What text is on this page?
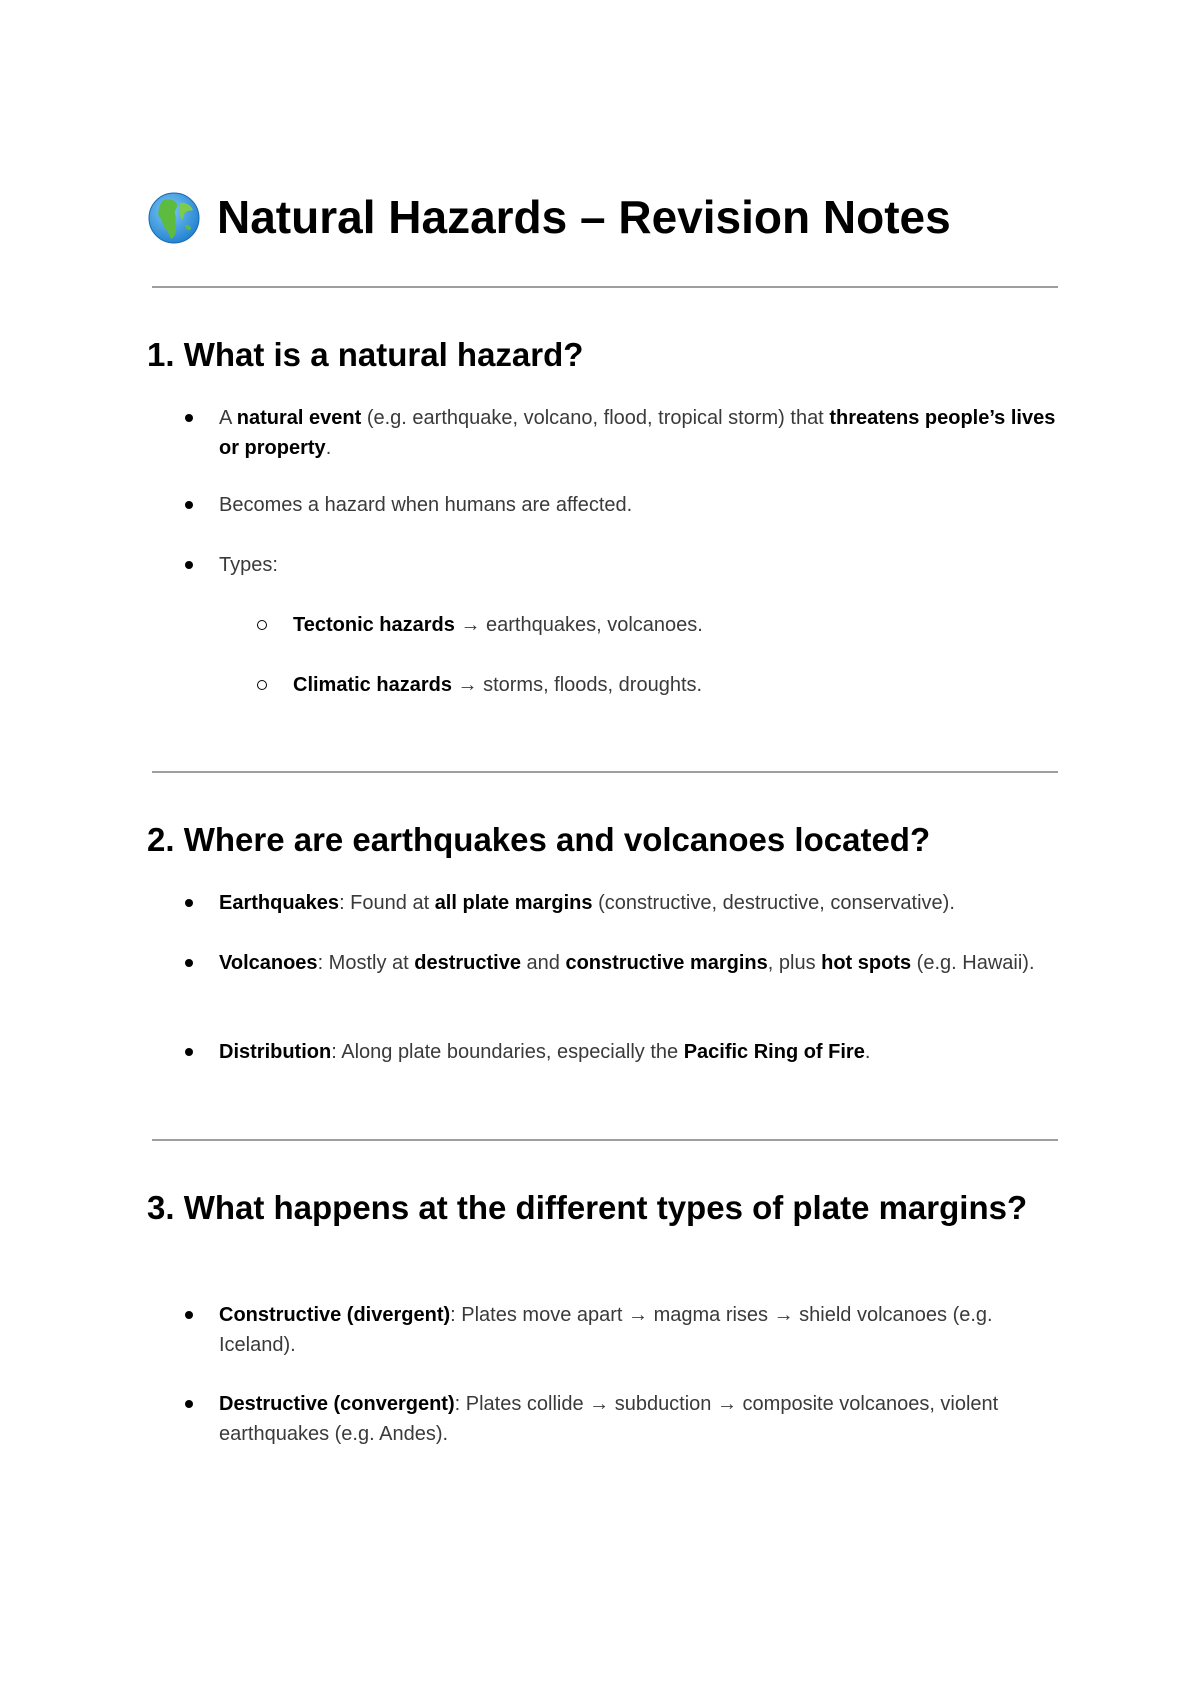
Natural Hazards – Revision Notes
1. What is a natural hazard?
A natural event (e.g. earthquake, volcano, flood, tropical storm) that threatens people’s lives or property.
Becomes a hazard when humans are affected.
Types:
Tectonic hazards → earthquakes, volcanoes.
Climatic hazards → storms, floods, droughts.
2. Where are earthquakes and volcanoes located?
Earthquakes: Found at all plate margins (constructive, destructive, conservative).
Volcanoes: Mostly at destructive and constructive margins, plus hot spots (e.g. Hawaii).
Distribution: Along plate boundaries, especially the Pacific Ring of Fire.
3. What happens at the different types of plate margins?
Constructive (divergent): Plates move apart → magma rises → shield volcanoes (e.g. Iceland).
Destructive (convergent): Plates collide → subduction → composite volcanoes, violent earthquakes (e.g. Andes).
